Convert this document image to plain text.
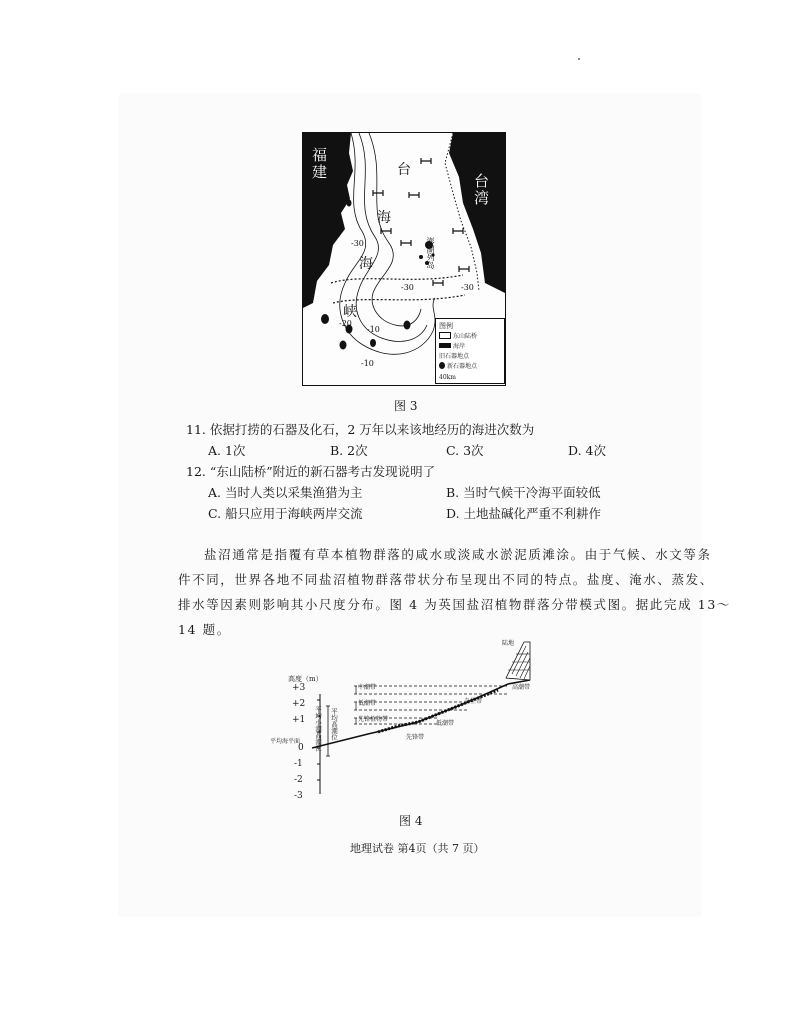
福建
台湾
台
海
海
峡
澎湖列岛
-10
-30
-30	-30
-20
-10
-10
图例
东山陆桥
海岸
旧石器地点
新石器地点
40km
图 3
11. 依据打捞的石器及化石，2 万年以来该地经历的海进次数为
A. 1次	B. 2次	C. 3次	D. 4次
12. “东山陆桥”附近的新石器考古发现说明了
A. 当时人类以采集渔猎为主	B. 当时气候干冷海平面较低
C. 船只应用于海峡两岸交流	D. 土地盐碱化严重不利耕作
盐沼通常是指覆有草本植物群落的咸水或淡咸水淤泥质滩涂。由于气候、水文等条
件不同，世界各地不同盐沼植物群落带状分布呈现出不同的特点。盐度、淹水、蒸发、
排水等因素则影响其小尺度分布。图 4 为英国盐沼植物群落分带模式图。据此完成 13～
14 题。
高度（m）
+3
+2
+1
0
-1
-2
-3
平均海平面 平均小潮高潮位 平均高潮位
中潮带
低潮带
先锋植物带
陆地
高潮带
杂生带
低潮带
先锋带
图 4
地理试卷 第4页（共 7 页）
